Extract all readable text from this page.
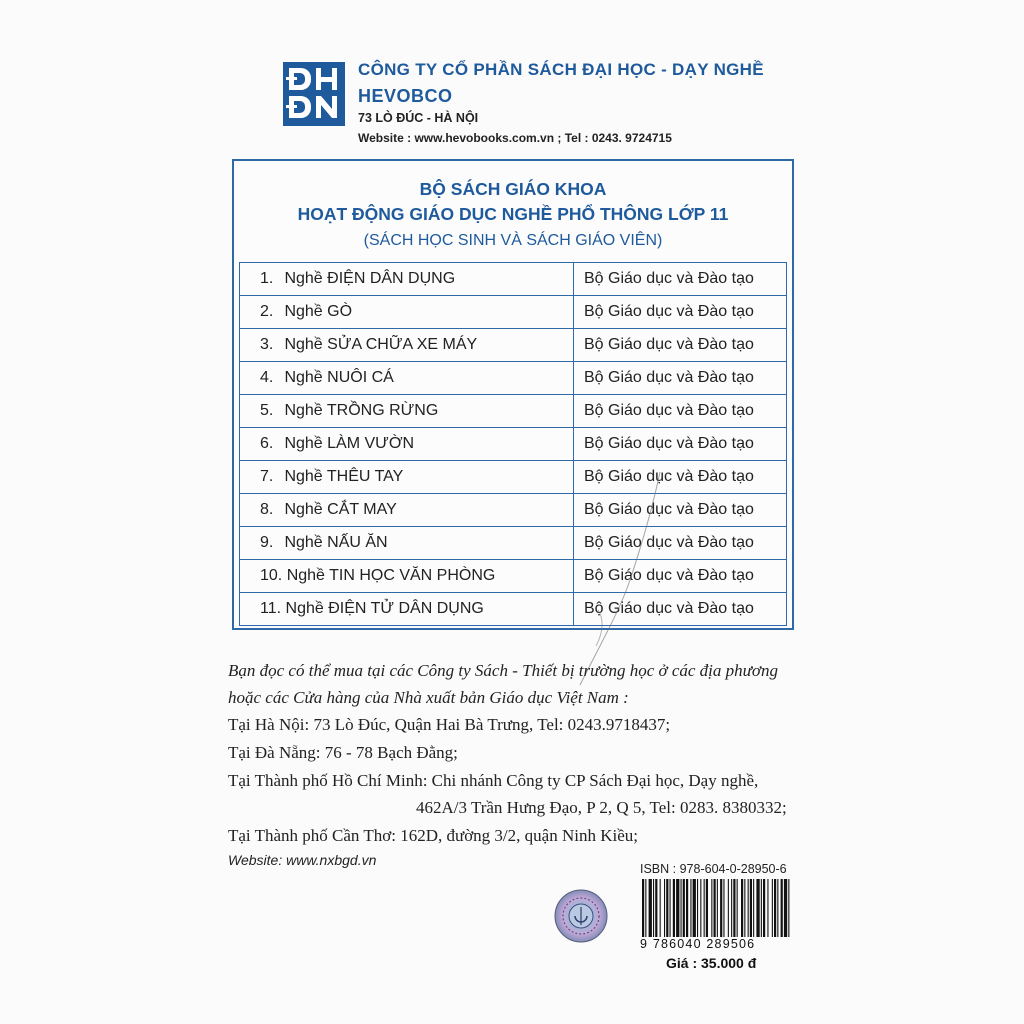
CÔNG TY CỔ PHẦN SÁCH ĐẠI HỌC - DẠY NGHỀ
HEVOBCO
73 LÒ ĐÚC - HÀ NỘI
Website : www.hevobooks.com.vn ; Tel : 0243. 9724715
BỘ SÁCH GIÁO KHOA
HOẠT ĐỘNG GIÁO DỤC NGHỀ PHỔ THÔNG LỚP 11
(SÁCH HỌC SINH VÀ SÁCH GIÁO VIÊN)
1. Nghề ĐIỆN DÂN DỤNG	Bộ Giáo dục và Đào tạo
2. Nghề GÒ	Bộ Giáo dục và Đào tạo
3. Nghề SỬA CHỮA XE MÁY	Bộ Giáo dục và Đào tạo
4. Nghề NUÔI CÁ	Bộ Giáo dục và Đào tạo
5. Nghề TRỒNG RỪNG	Bộ Giáo dục và Đào tạo
6. Nghề LÀM VƯỜN	Bộ Giáo dục và Đào tạo
7. Nghề THÊU TAY	Bộ Giáo dục và Đào tạo
8. Nghề CẮT MAY	Bộ Giáo dục và Đào tạo
9. Nghề NẤU ĂN	Bộ Giáo dục và Đào tạo
10. Nghề TIN HỌC VĂN PHÒNG	Bộ Giáo dục và Đào tạo
11. Nghề ĐIỆN TỬ DÂN DỤNG	Bộ Giáo dục và Đào tạo
Bạn đọc có thể mua tại các Công ty Sách - Thiết bị trường học ở các địa phương
hoặc các Cửa hàng của Nhà xuất bản Giáo dục Việt Nam :
Tại Hà Nội: 73 Lò Đúc, Quận Hai Bà Trưng, Tel: 0243.9718437;
Tại Đà Nẵng: 76 - 78 Bạch Đằng;
Tại Thành phố Hồ Chí Minh: Chi nhánh Công ty CP Sách Đại học, Dạy nghề,
462A/3 Trần Hưng Đạo, P 2, Q 5, Tel: 0283. 8380332;
Tại Thành phố Cần Thơ: 162D, đường 3/2, quận Ninh Kiều;
Website: www.nxbgd.vn
ISBN : 978-604-0-28950-6
9 786040 289506
Giá : 35.000 đ
